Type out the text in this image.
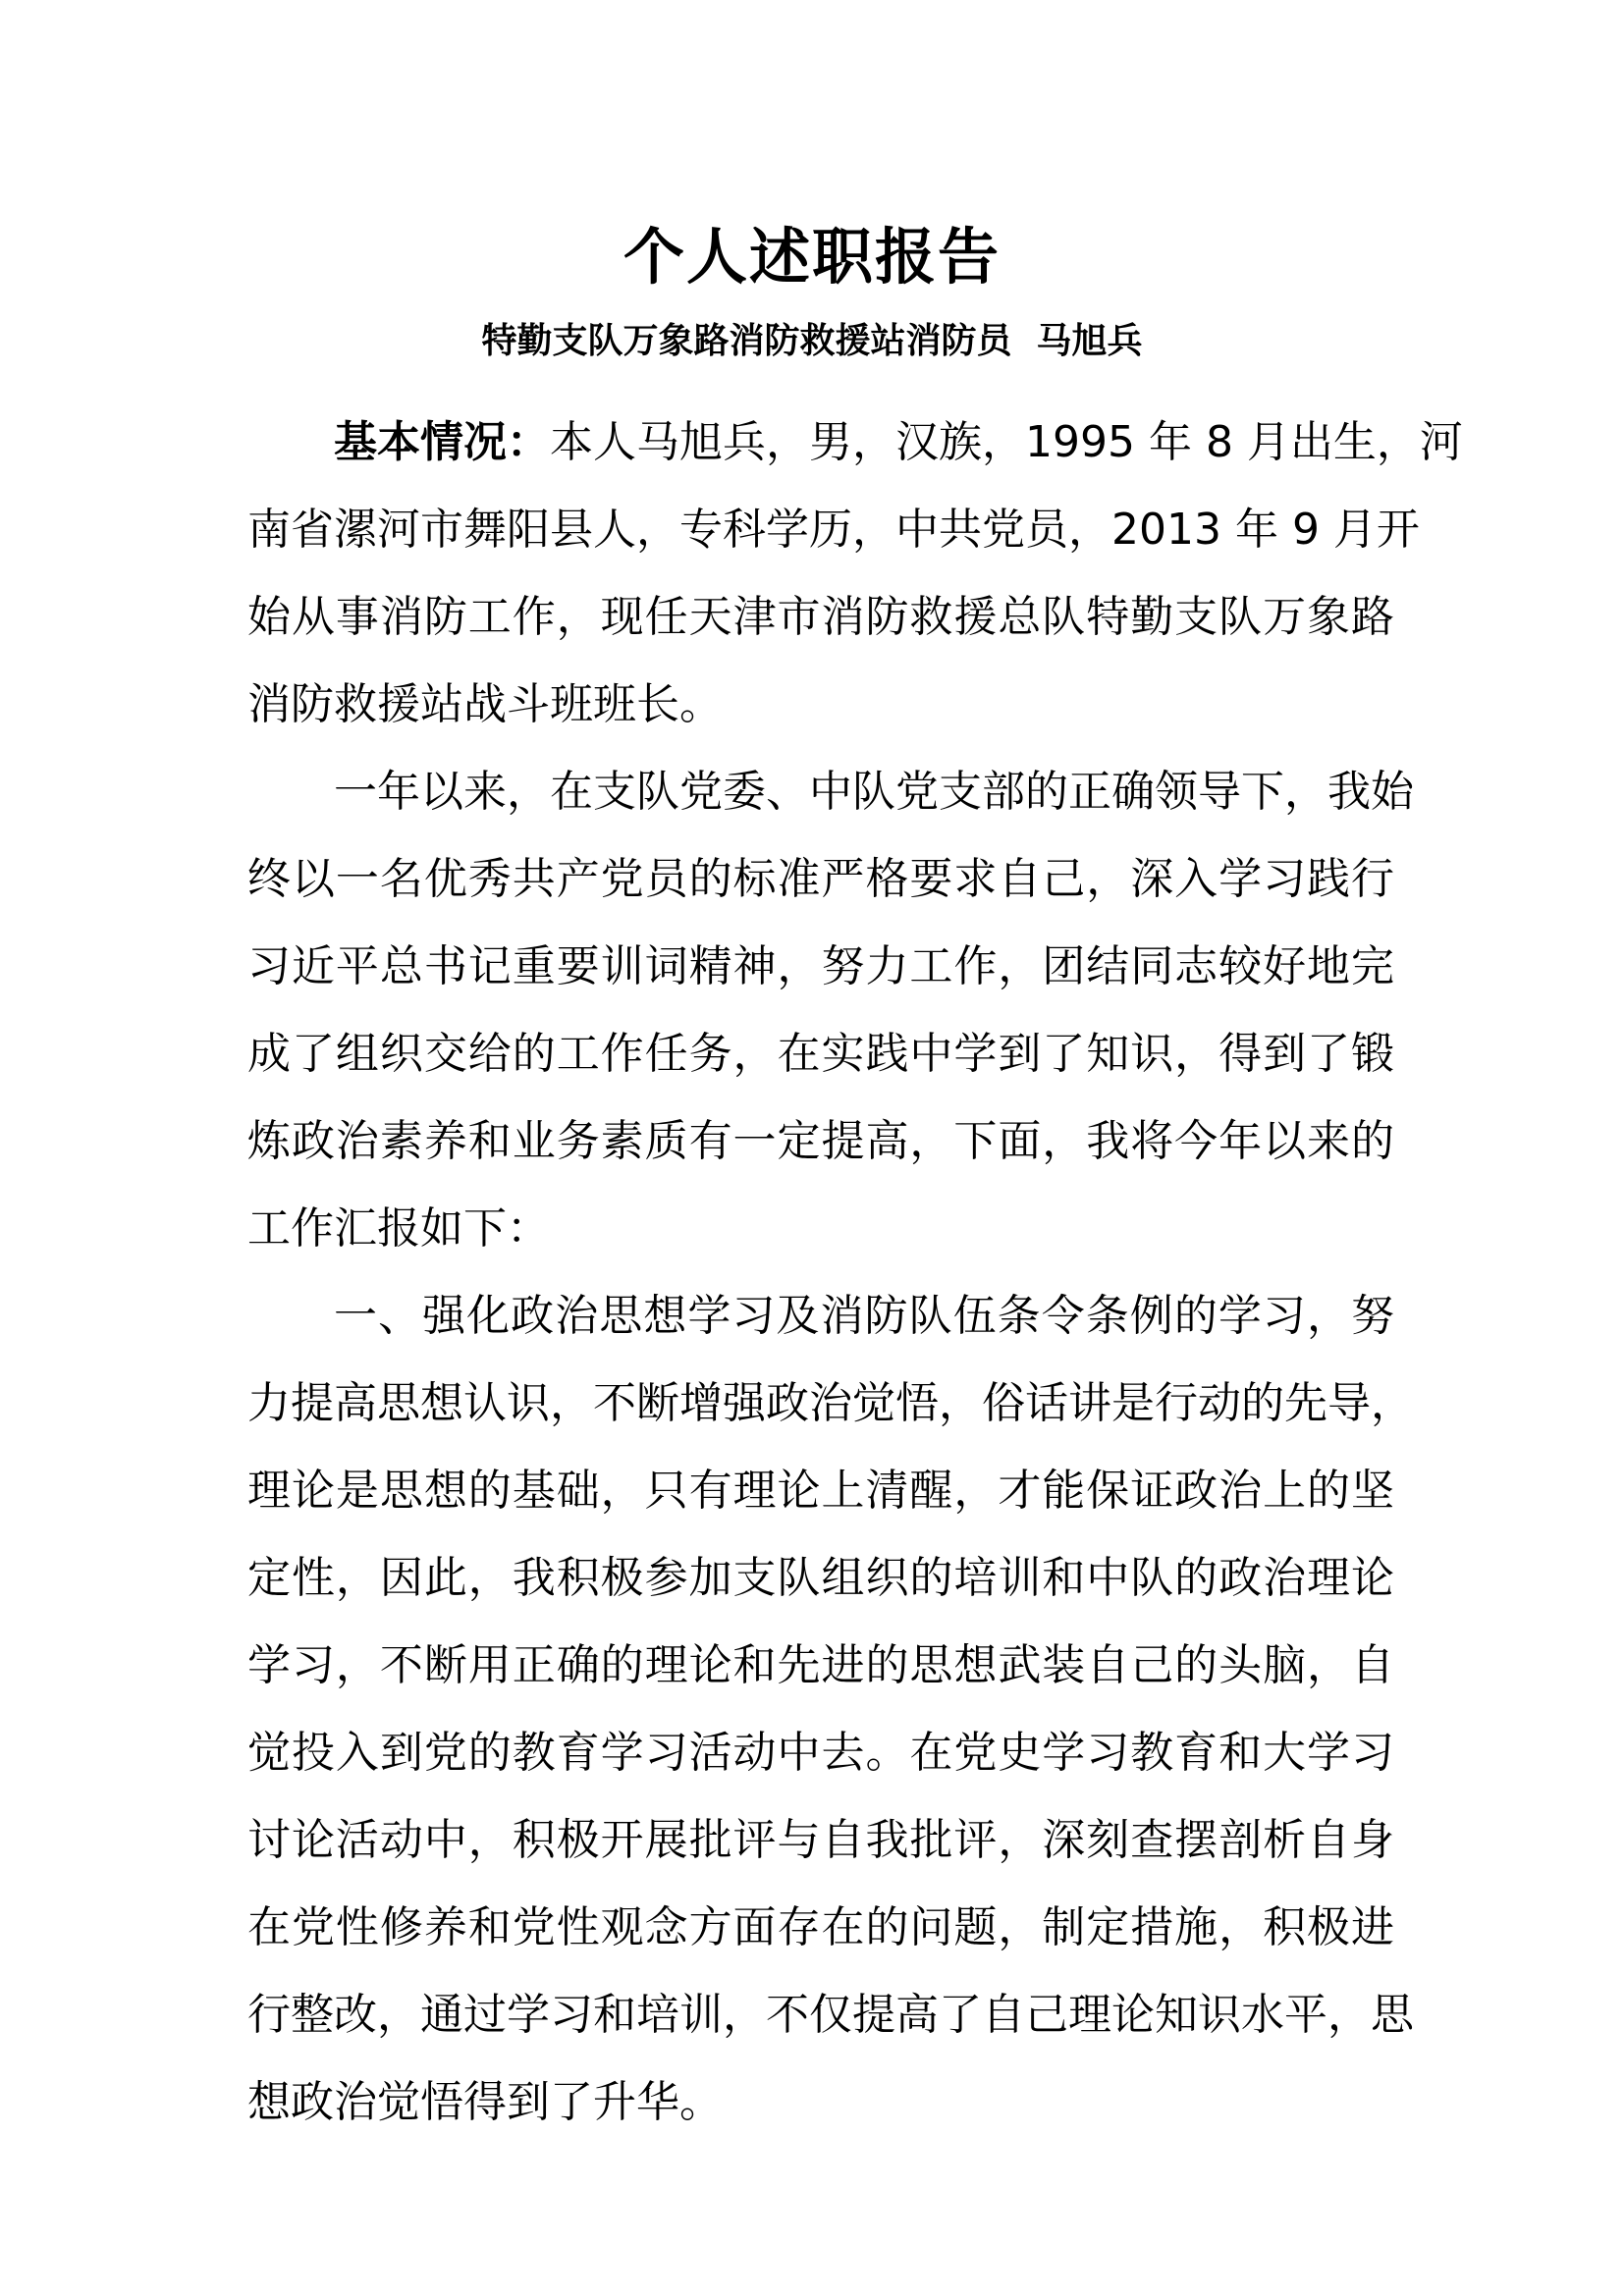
个人述职报告
特勤支队万象路消防救援站消防员  马旭兵

基本情况：本人马旭兵，男，汉族，1995 年 8 月出生，河
南省漯河市舞阳县人，专科学历，中共党员，2013 年 9 月开
始从事消防工作，现任天津市消防救援总队特勤支队万象路
消防救援站战斗班班长。

一年以来，在支队党委、中队党支部的正确领导下，我始
终以一名优秀共产党员的标准严格要求自己，深入学习践行
习近平总书记重要训词精神，努力工作，团结同志较好地完
成了组织交给的工作任务，在实践中学到了知识，得到了锻
炼政治素养和业务素质有一定提高，下面，我将今年以来的
工作汇报如下：

一、强化政治思想学习及消防队伍条令条例的学习，努
力提高思想认识，不断增强政治觉悟，俗话讲是行动的先导，
理论是思想的基础，只有理论上清醒，才能保证政治上的坚
定性，因此，我积极参加支队组织的培训和中队的政治理论
学习，不断用正确的理论和先进的思想武装自己的头脑，自
觉投入到党的教育学习活动中去。在党史学习教育和大学习
讨论活动中，积极开展批评与自我批评，深刻查摆剖析自身
在党性修养和党性观念方面存在的问题，制定措施，积极进
行整改，通过学习和培训，不仅提高了自己理论知识水平，思
想政治觉悟得到了升华。
